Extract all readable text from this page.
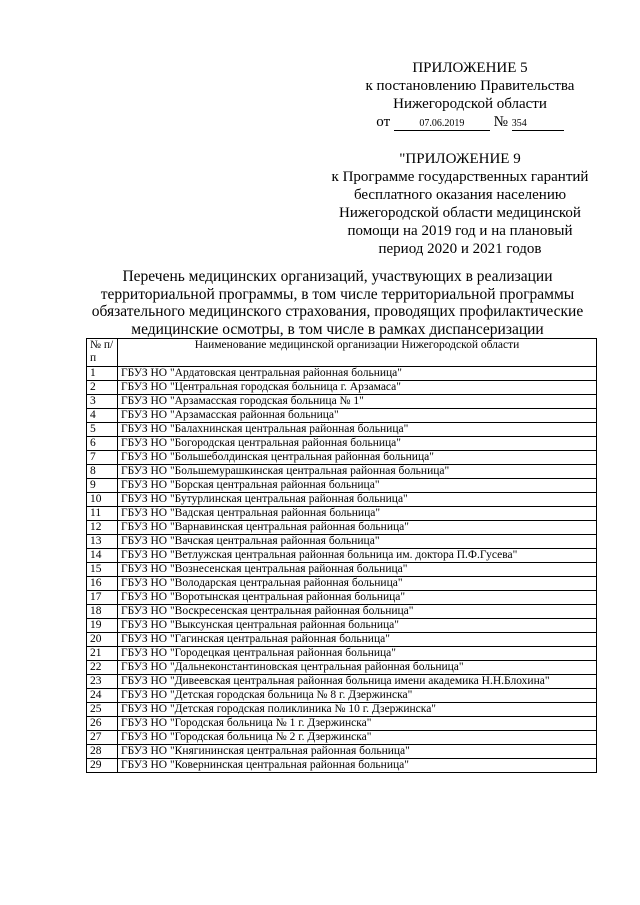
ПРИЛОЖЕНИЕ 5
к постановлению Правительства
Нижегородской области
от	07.06.2019 № 354
"ПРИЛОЖЕНИЕ 9
к Программе государственных гарантий
бесплатного оказания населению
Нижегородской области медицинской
помощи на 2019 год и на плановый
период 2020 и 2021 годов
Перечень медицинских организаций, участвующих в реализации территориальной программы, в том числе территориальной программы обязательного медицинского страхования, проводящих профилактические медицинские осмотры, в том числе в рамках диспансеризации
№ п/п	Наименование медицинской организации Нижегородской области
1	ГБУЗ НО "Ардатовская центральная районная больница"
2	ГБУЗ НО "Центральная городская больница г. Арзамаса"
3	ГБУЗ НО "Арзамасская городская больница № 1"
4	ГБУЗ НО "Арзамасская районная больница"
5	ГБУЗ НО "Балахнинская центральная районная больница"
6	ГБУЗ НО "Богородская центральная районная больница"
7	ГБУЗ НО "Большеболдинская центральная районная больница"
8	ГБУЗ НО "Большемурашкинская центральная районная больница"
9	ГБУЗ НО "Борская центральная районная больница"
10	ГБУЗ НО "Бутурлинская центральная районная больница"
11	ГБУЗ НО "Вадская центральная районная больница"
12	ГБУЗ НО "Варнавинская центральная районная больница"
13	ГБУЗ НО "Вачская центральная районная больница"
14	ГБУЗ НО "Ветлужская центральная районная больница им. доктора П.Ф.Гусева"
15	ГБУЗ НО "Вознесенская центральная районная больница"
16	ГБУЗ НО "Володарская центральная районная больница"
17	ГБУЗ НО "Воротынская центральная районная больница"
18	ГБУЗ НО "Воскресенская центральная районная больница"
19	ГБУЗ НО "Выксунская центральная районная больница"
20	ГБУЗ НО "Гагинская центральная районная больница"
21	ГБУЗ НО "Городецкая центральная районная больница"
22	ГБУЗ НО "Дальнеконстантиновская центральная районная больница"
23	ГБУЗ НО "Дивеевская центральная районная больница имени академика Н.Н.Блохина"
24	ГБУЗ НО "Детская городская больница № 8 г. Дзержинска"
25	ГБУЗ НО "Детская городская поликлиника № 10 г. Дзержинска"
26	ГБУЗ НО "Городская больница № 1 г. Дзержинска"
27	ГБУЗ НО "Городская больница № 2 г. Дзержинска"
28	ГБУЗ НО "Княгининская центральная районная больница"
29	ГБУЗ НО "Ковернинская центральная районная больница"
